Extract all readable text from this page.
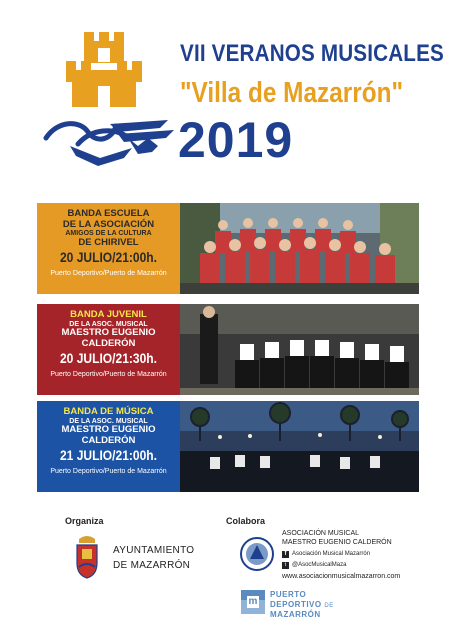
VII VERANOS MUSICALES
"Villa de Mazarrón"
2019
BANDA ESCUELA
DE LA ASOCIACIÓN
AMIGOS DE LA CULTURA
DE CHIRIVEL
20 JULIO/21:00h.
Puerto Deportivo/Puerto de Mazarrón
BANDA JUVENIL
DE LA ASOC. MUSICAL
MAESTRO EUGENIO
CALDERÓN
20 JULIO/21:30h.
Puerto Deportivo/Puerto de Mazarrón
BANDA DE MÚSICA
DE LA ASOC. MUSICAL
MAESTRO EUGENIO
CALDERÓN
21 JULIO/21:00h.
Puerto Deportivo/Puerto de Mazarrón
Organiza
AYUNTAMIENTO
DE MAZARRÓN
Colabora
ASOCIACIÓN MUSICAL
MAESTRO EUGENIO CALDERÓN
f Asociación Musical Mazarrón
t @AsocMusicalMaza
www.asociacionmusicalmazarron.com
m
PUERTO
DEPORTIVO DE
MAZARRÓN
